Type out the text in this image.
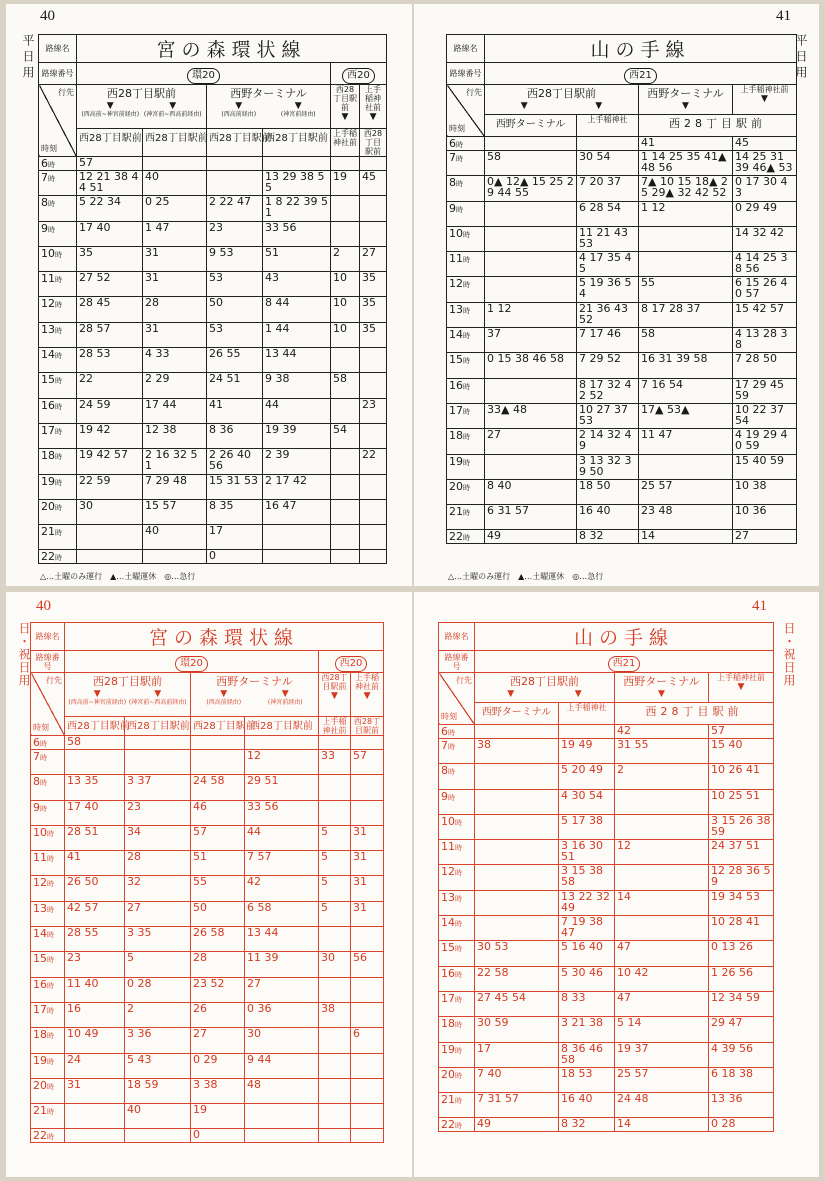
40
平日用 路線名	宮の森環状線					
路線番号	環20				西20	

行先
時刻	西28丁目駅前
▼
(西高前~神宮前経由)
▼
(神宮前~西高前経由)		西野ターミナル
▼
(西高前経由)
▼
(神宮前経由)		西28丁目駅前
▼	上手稲神社前
▼

	西28丁目駅前	西28丁目駅前	西28丁目駅前	西28丁目駅前	上手稲神社前	西28丁目駅前
6時	57					
7時	12 21 38 44 51	40		13 29 38 55	19	45
8時	5 22 34	0 25	2 22 47	1 8 22 39 51		
9時	17 40	1 47	23	33 56		
10時	35	31	9 53	51	2	27
11時	27 52	31	53	43	10	35
12時	28 45	28	50	8 44	10	35
13時	28 57	31	53	1 44	10	35
14時	28 53	4 33	26 55	13 44		
15時	22	2 29	24 51	9 38	58	
16時	24 59	17 44	41	44		23
17時	19 42	12 38	8 36	19 39	54	
18時	19 42 57	2 16 32 51	2 26 40 56	2 39		22
19時	22 59	7 29 48	15 31 53	2 17 42		
20時	30	15 57	8 35	16 47		
21時		40	17			
22時			0			
△…土曜のみ運行　▲…土曜運休　◎…急行
41
平日用
路線名	山の手線			
路線番号	西21			

行先
時刻	西28丁目駅前
▼ ▼		西野ターミナル
▼	上手稲神社前
▼

	西野ターミナル	上手稲神社	西28丁目駅前	
6時			41	45
7時	58	30 54	1 14 25 35 41▲ 48 56	14 25 31 39 46▲ 53
8時	0▲ 12▲ 15 25 29 44 55	7 20 37	7▲ 10 15 18▲ 25 29▲ 32 42 52	0 17 30 43
9時		6 28 54	1 12	0 29 49
10時		11 21 43 53		14 32 42
11時		4 17 35 45		4 14 25 38 56
12時		5 19 36 54	55	6 15 26 40 57
13時	1 12	21 36 43 52	8 17 28 37	15 42 57
14時	37	7 17 46	58	4 13 28 38
15時	0 15 38 46 58	7 29 52	16 31 39 58	7 28 50
16時		8 17 32 42 52	7 16 54	17 29 45 59
17時	33▲ 48	10 27 37 53	17▲ 53▲	10 22 37 54
18時	27	2 14 32 49	11 47	4 19 29 40 59
19時		3 13 32 39 50		15 40 59
20時	8 40	18 50	25 57	10 38
21時	6 31 57	16 40	23 48	10 36
22時	49	8 32	14	27
△…土曜のみ運行　▲…土曜運休　◎…急行
40
日・祝日用 路線名	宮の森環状線					
路線番号	環20				西20	

行先
時刻	西28丁目駅前
▼
(西高前~神宮前経由)
▼
(神宮前~西高前経由)		西野ターミナル
▼
(西高前経由)
▼
(神宮前経由)		西28丁目駅前
▼	上手稲神社前
▼

	西28丁目駅前	西28丁目駅前	西28丁目駅前	西28丁目駅前	上手稲神社前	西28丁目駅前
6時	58					
7時				12	33	57
8時	13 35	3 37	24 58	29 51		
9時	17 40	23	46	33 56		
10時	28 51	34	57	44	5	31
11時	41	28	51	7 57	5	31
12時	26 50	32	55	42	5	31
13時	42 57	27	50	6 58	5	31
14時	28 55	3 35	26 58	13 44		
15時	23	5	28	11 39	30	56
16時	11 40	0 28	23 52	27		
17時	16	2	26	0 36	38	
18時	10 49	3 36	27	30		6
19時	24	5 43	0 29	9 44		
20時	31	18 59	3 38	48		
21時		40	19			
22時			0			
41
日・祝日用
路線名	山の手線			
路線番号	西21			

行先
時刻	西28丁目駅前
▼ ▼		西野ターミナル
▼	上手稲神社前
▼

	西野ターミナル	上手稲神社	西28丁目駅前	
6時			42	57
7時	38	19 49	31 55	15 40
8時		5 20 49	2	10 26 41
9時		4 30 54		10 25 51
10時		5 17 38		3 15 26 38 59
11時		3 16 30 51	12	24 37 51
12時		3 15 38 58		12 28 36 59
13時		13 22 32 49	14	19 34 53
14時		7 19 38 47		10 28 41
15時	30 53	5 16 40	47	0 13 26
16時	22 58	5 30 46	10 42	1 26 56
17時	27 45 54	8 33	47	12 34 59
18時	30 59	3 21 38	5 14	29 47
19時	17	8 36 46 58	19 37	4 39 56
20時	7 40	18 53	25 57	6 18 38
21時	7 31 57	16 40	24 48	13 36
22時	49	8 32	14	0 28
